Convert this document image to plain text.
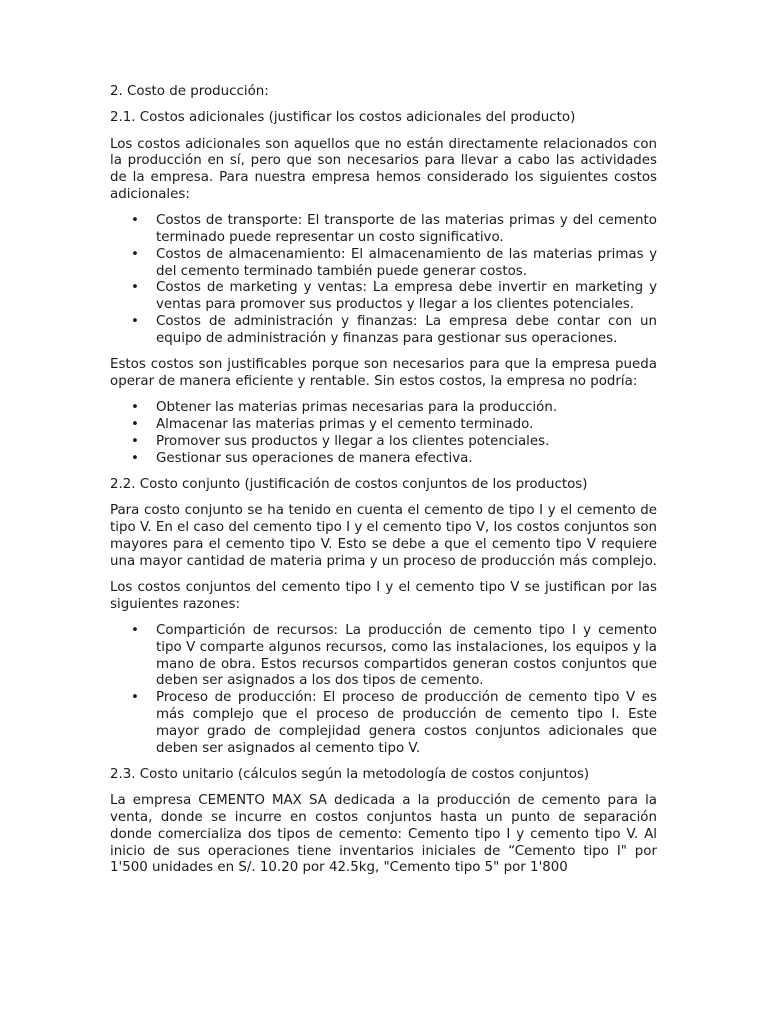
2. Costo de producción:

2.1. Costos adicionales (justificar los costos adicionales del producto)

Los costos adicionales son aquellos que no están directamente relacionados con la producción en sí, pero que son necesarios para llevar a cabo las actividades de la empresa. Para nuestra empresa hemos considerado los siguientes costos adicionales:

• Costos de transporte: El transporte de las materias primas y del cemento terminado puede representar un costo significativo.
• Costos de almacenamiento: El almacenamiento de las materias primas y del cemento terminado también puede generar costos.
• Costos de marketing y ventas: La empresa debe invertir en marketing y ventas para promover sus productos y llegar a los clientes potenciales.
• Costos de administración y finanzas: La empresa debe contar con un equipo de administración y finanzas para gestionar sus operaciones.

Estos costos son justificables porque son necesarios para que la empresa pueda operar de manera eficiente y rentable. Sin estos costos, la empresa no podría:

• Obtener las materias primas necesarias para la producción.
• Almacenar las materias primas y el cemento terminado.
• Promover sus productos y llegar a los clientes potenciales.
• Gestionar sus operaciones de manera efectiva.

2.2. Costo conjunto (justificación de costos conjuntos de los productos)

Para costo conjunto se ha tenido en cuenta el cemento de tipo I y el cemento de tipo V. En el caso del cemento tipo I y el cemento tipo V, los costos conjuntos son mayores para el cemento tipo V. Esto se debe a que el cemento tipo V requiere una mayor cantidad de materia prima y un proceso de producción más complejo.

Los costos conjuntos del cemento tipo I y el cemento tipo V se justifican por las siguientes razones:

• Compartición de recursos: La producción de cemento tipo I y cemento tipo V comparte algunos recursos, como las instalaciones, los equipos y la mano de obra. Estos recursos compartidos generan costos conjuntos que deben ser asignados a los dos tipos de cemento.
• Proceso de producción: El proceso de producción de cemento tipo V es más complejo que el proceso de producción de cemento tipo I. Este mayor grado de complejidad genera costos conjuntos adicionales que deben ser asignados al cemento tipo V.

2.3. Costo unitario (cálculos según la metodología de costos conjuntos)

La empresa CEMENTO MAX SA dedicada a la producción de cemento para la venta, donde se incurre en costos conjuntos hasta un punto de separación donde comercializa dos tipos de cemento: Cemento tipo I y cemento tipo V. Al inicio de sus operaciones tiene inventarios iniciales de “Cemento tipo I" por 1'500 unidades en S/. 10.20 por 42.5kg, "Cemento tipo 5" por 1'800
